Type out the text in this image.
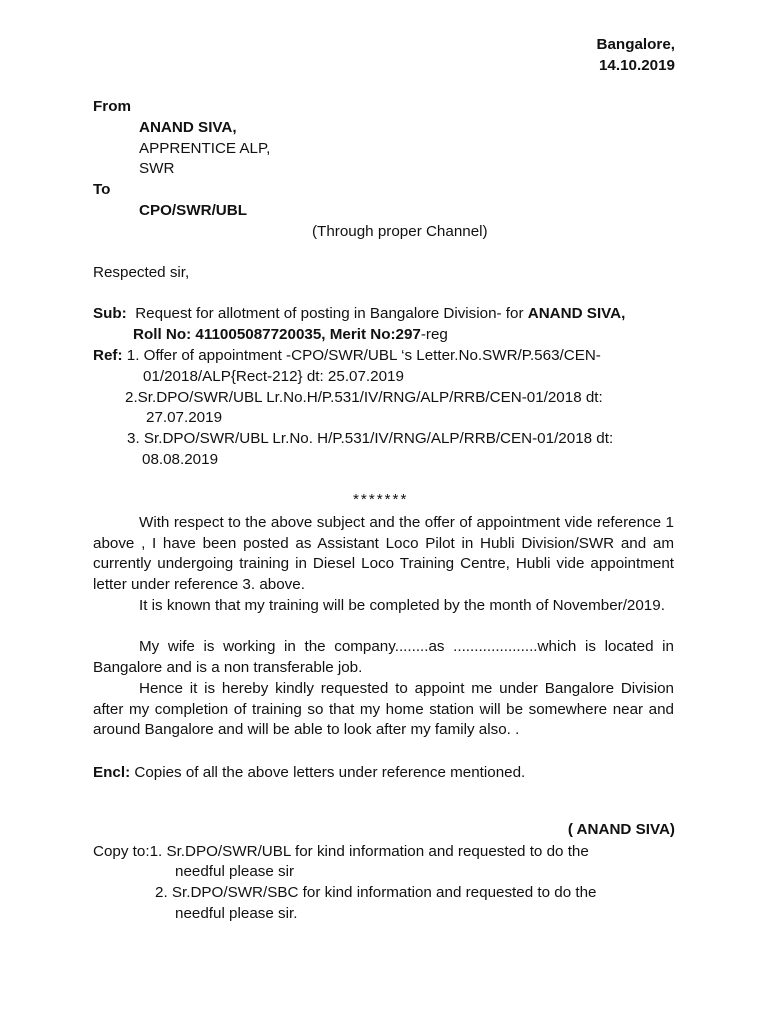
Bangalore,
14.10.2019
From
ANAND SIVA,
APPRENTICE ALP,
SWR
To
CPO/SWR/UBL
(Through proper Channel)
Respected sir,
Sub: Request for allotment of posting in Bangalore Division- for ANAND SIVA,
Roll No: 411005087720035, Merit No:297-reg
Ref: 1. Offer of appointment -CPO/SWR/UBL ‘s Letter.No.SWR/P.563/CEN-
01/2018/ALP{Rect-212} dt: 25.07.2019
2.Sr.DPO/SWR/UBL Lr.No.H/P.531/IV/RNG/ALP/RRB/CEN-01/2018 dt:
27.07.2019
3. Sr.DPO/SWR/UBL Lr.No. H/P.531/IV/RNG/ALP/RRB/CEN-01/2018 dt:
08.08.2019
*******
With respect to the above subject and the offer of appointment vide reference 1 above , I have been posted as Assistant Loco Pilot in Hubli Division/SWR and am currently undergoing training in Diesel Loco Training Centre, Hubli vide appointment letter under reference 3. above.
It is known that my training will be completed by the month of November/2019.
My wife is working in the company........as ....................which is located in Bangalore and is a non transferable job.
Hence it is hereby kindly requested to appoint me under Bangalore Division after my completion of training so that my home station will be somewhere near and around Bangalore and will be able to look after my family also. .
Encl: Copies of all the above letters under reference mentioned.
( ANAND SIVA)
Copy to:1. Sr.DPO/SWR/UBL for kind information and requested to do the
needful please sir
2. Sr.DPO/SWR/SBC for kind information and requested to do the
needful please sir.
